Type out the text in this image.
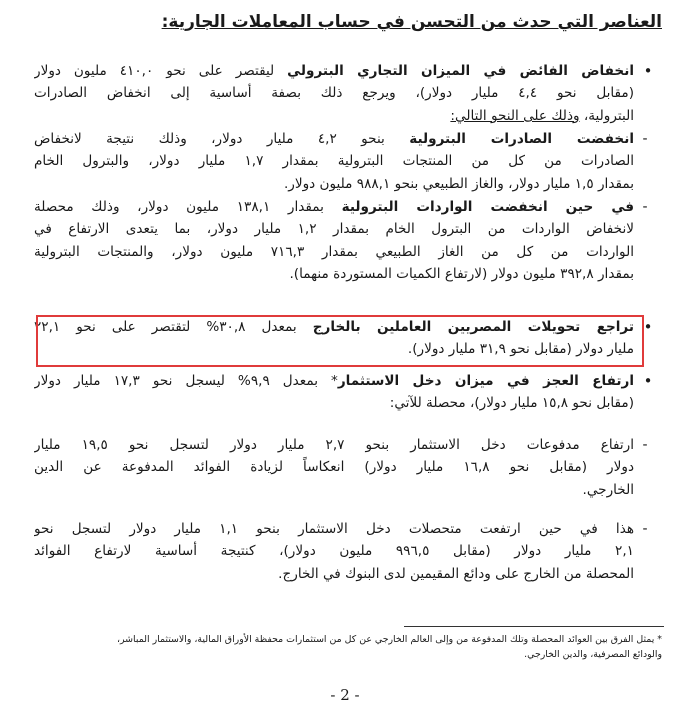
العناصر التي حدث من التحسن في حساب المعاملات الجارية:
انخفاض الفائض في الميزان التجاري البترولي ليقتصر على نحو ٤١٠,٠ مليون دولار
(مقابل نحو ٤,٤ مليار دولار)، ويرجع ذلك بصفة أساسية إلى انخفاض الصادرات
البترولية، وذلك على النحو التالي:
•
انخفضت الصادرات البترولية بنحو ٤,٢ مليار دولار، وذلك نتيجة لانخفاض
الصادرات من كل من المنتجات البترولية بمقدار ١,٧ مليار دولار، والبترول الخام
بمقدار ١,٥ مليار دولار، والغاز الطبيعي بنحو ٩٨٨,١ مليون دولار.
-
في حين انخفضت الواردات البترولية بمقدار ١٣٨,١ مليون دولار، وذلك محصلة
لانخفاض الواردات من البترول الخام بمقدار ١,٢ مليار دولار، بما يتعدى الارتفاع في
الواردات من كل من الغاز الطبيعي بمقدار ٧١٦,٣ مليون دولار، والمنتجات البترولية
بمقدار ٣٩٢,٨ مليون دولار (لارتفاع الكميات المستوردة منهما).
-
تراجع تحويلات المصريين العاملين بالخارج بمعدل ٣٠,٨% لتقتصر على نحو ٢٢,١
مليار دولار (مقابل نحو ٣١,٩ مليار دولار).
•
ارتفاع العجز في ميزان دخل الاستثمار* بمعدل ٩,٩% ليسجل نحو ١٧,٣ مليار دولار
(مقابل نحو ١٥,٨ مليار دولار)، محصلة للآتي:
•
ارتفاع مدفوعات دخل الاستثمار بنحو ٢,٧ مليار دولار لتسجل نحو ١٩,٥ مليار
دولار (مقابل نحو ١٦,٨ مليار دولار) انعكاساً لزيادة الفوائد المدفوعة عن الدين
الخارجي.
-
هذا في حين ارتفعت متحصلات دخل الاستثمار بنحو ١,١ مليار دولار لتسجل نحو
٢,١ مليار دولار (مقابل ٩٩٦,٥ مليون دولار)، كنتيجة أساسية لارتفاع الفوائد
المحصلة من الخارج على ودائع المقيمين لدى البنوك في الخارج.
-
* يمثل الفرق بين العوائد المحصلة وتلك المدفوعة من وإلى العالم الخارجي عن كل من استثمارات محفظة الأوراق المالية، والاستثمار المباشر،
والودائع المصرفية، والدين الخارجي.
- 2 -
